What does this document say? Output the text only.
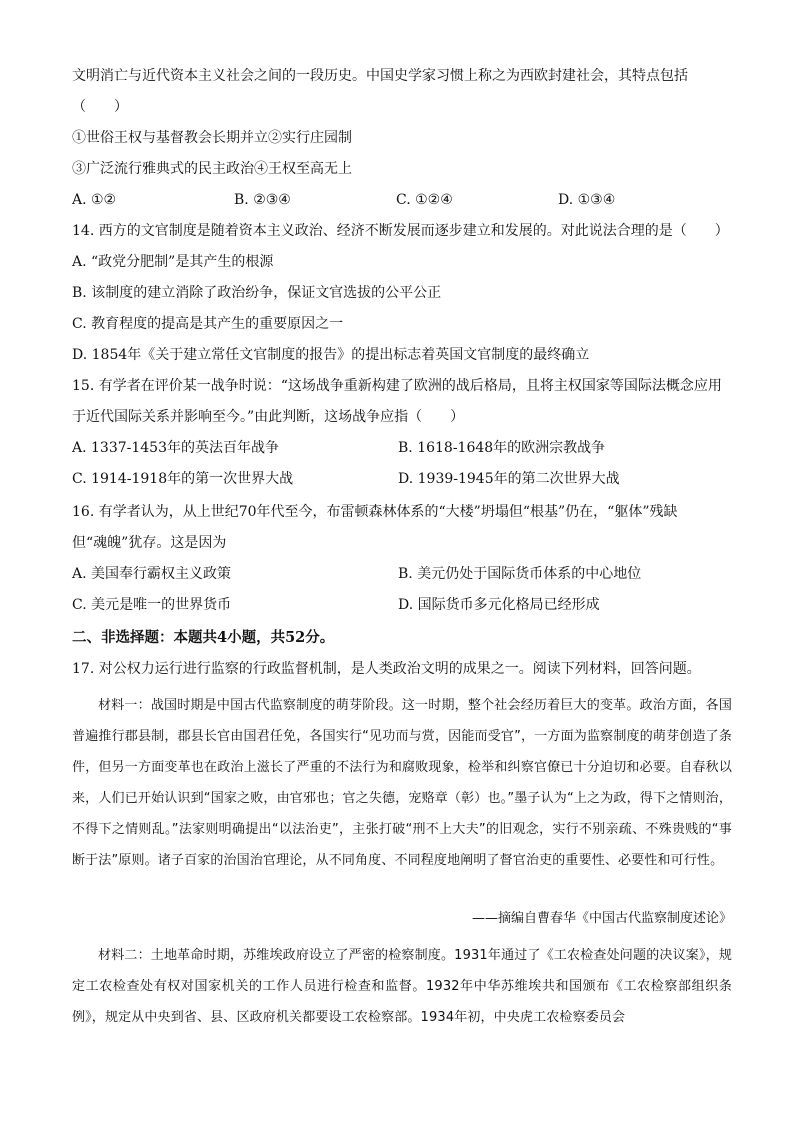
文明消亡与近代资本主义社会之间的一段历史。中国史学家习惯上称之为西欧封建社会，其特点包括
（　　）
①世俗王权与基督教会长期并立②实行庄园制
③广泛流行雅典式的民主政治④王权至高无上
A. ①②	B. ②③④	C. ①②④	D. ①③④
14. 西方的文官制度是随着资本主义政治、经济不断发展而逐步建立和发展的。对此说法合理的是（　　）
A. “政党分肥制”是其产生的根源
B. 该制度的建立消除了政治纷争，保证文官选拔的公平公正
C. 教育程度的提高是其产生的重要原因之一
D. 1854年《关于建立常任文官制度的报告》的提出标志着英国文官制度的最终确立
15. 有学者在评价某一战争时说：“这场战争重新构建了欧洲的战后格局，且将主权国家等国际法概念应用
于近代国际关系并影响至今。”由此判断，这场战争应指（　　）
A. 1337-1453年的英法百年战争	B. 1618-1648年的欧洲宗教战争
C. 1914-1918年的第一次世界大战	D. 1939-1945年的第二次世界大战
16. 有学者认为，从上世纪70年代至今，布雷顿森林体系的“大楼”坍塌但“根基”仍在，“躯体”残缺
但“魂魄”犹存。这是因为
A. 美国奉行霸权主义政策	B. 美元仍处于国际货币体系的中心地位
C. 美元是唯一的世界货币	D. 国际货币多元化格局已经形成
二、非选择题：本题共4小题，共52分。
17. 对公权力运行进行监察的行政监督机制，是人类政治文明的成果之一。阅读下列材料，回答问题。

材料一：战国时期是中国古代监察制度的萌芽阶段。这一时期，整个社会经历着巨大的变革。政治方面，各国普遍推行郡县制，郡县长官由国君任免，各国实行“见功而与赏，因能而受官”，一方面为监察制度的萌芽创造了条件，但另一方面变革也在政治上滋长了严重的不法行为和腐败现象，检举和纠察官僚已十分迫切和必要。自春秋以来，人们已开始认识到“国家之败，由官邪也；官之失德，宠赂章（彰）也。”墨子认为“上之为政，得下之情则治，不得下之情则乱。”法家则明确提出“以法治吏”，主张打破“刑不上大夫”的旧观念，实行不别亲疏、不殊贵贱的“事断于法”原则。诸子百家的治国治官理论，从不同角度、不同程度地阐明了督官治吏的重要性、必要性和可行性。

——摘编自曹春华《中国古代监察制度述论》

材料二：土地革命时期，苏维埃政府设立了严密的检察制度。1931年通过了《工农检查处问题的决议案》，规定工农检查处有权对国家机关的工作人员进行检查和监督。1932年中华苏维埃共和国颁布《工农检察部组织条例》，规定从中央到省、县、区政府机关都要设工农检察部。1934年初，中央虎工农检察委员会
